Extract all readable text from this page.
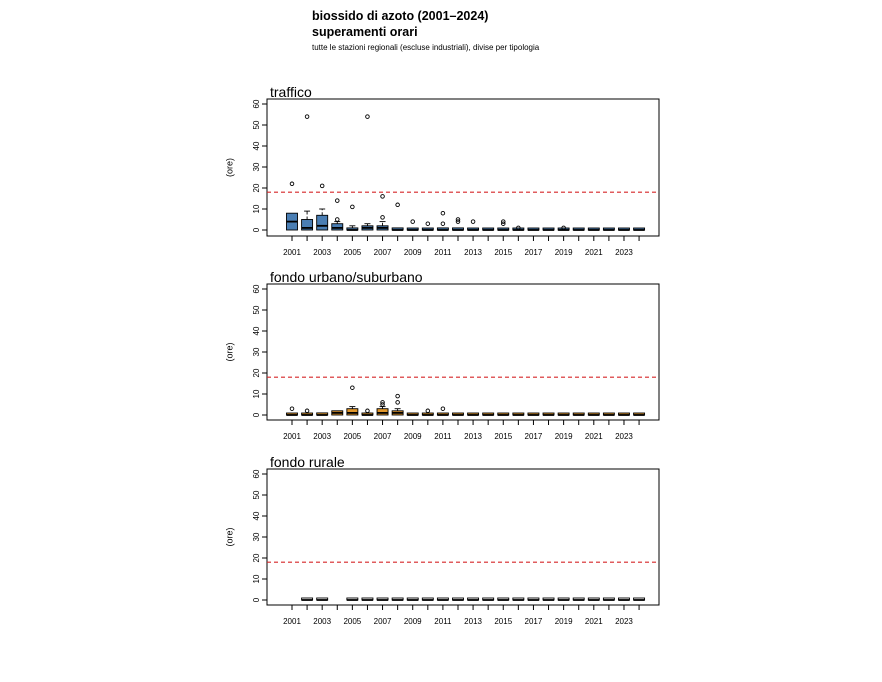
biossido di azoto (2001–2024)
superamenti orari
tutte le stazioni regionali (escluse industriali), divise per tipologia
traffico
0
10
20
30
40
50
60
(ore)
2001 2003 2005 2007 2009 2011 2013 2015 2017 2019 2021 2023
fondo urbano/suburbano
0
10
20
30
40
50
60
(ore)
2001 2003 2005 2007 2009 2011 2013 2015 2017 2019 2021 2023
fondo rurale
0
10
20
30
40
50
60
(ore)
2001 2003 2005 2007 2009 2011 2013 2015 2017 2019 2021 2023
